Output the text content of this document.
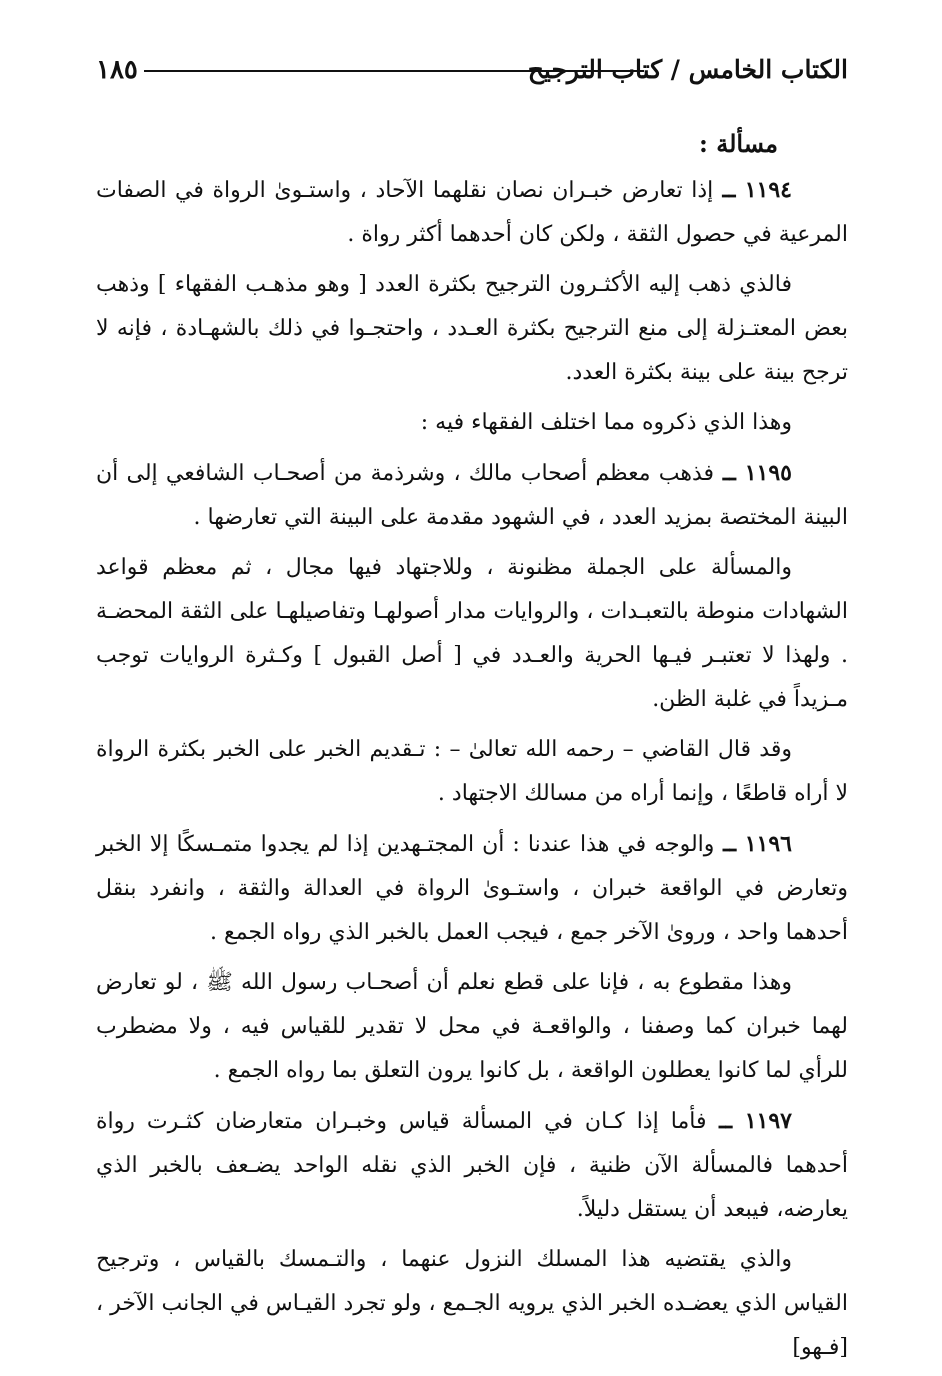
١٨٥	الكتاب الخامس / كتاب الترجيح
مسألة :

١١٩٤ ــ إذا تعارض خبـران نصان نقلهما الآحاد ، واستـوىٰ الرواة في الصفات المرعية في حصول الثقة ، ولكن كان أحدهما أكثر رواة .

فالذي ذهب إليه الأكثـرون الترجيح بكثرة العدد [ وهو مذهـب الفقهاء ] وذهب بعض المعتـزلة إلى منع الترجيح بكثرة العـدد ، واحتجـوا في ذلك بالشهـادة ، فإنه لا ترجح بينة على بينة بكثرة العدد.

وهذا الذي ذكروه مما اختلف الفقهاء فيه :

١١٩٥ ــ فذهب معظم أصحاب مالك ، وشرذمة من أصحـاب الشافعي إلى أن البينة المختصة بمزيد العدد ، في الشهود مقدمة على البينة التي تعارضها .

والمسألة على الجملة مظنونة ، وللاجتهاد فيها مجال ، ثم معظم قواعد الشهادات منوطة بالتعبـدات ، والروايات مدار أصولهـا وتفاصيلهـا على الثقة المحضـة . ولهذا لا تعتبـر فيـها الحرية والعـدد في [ أصل القبول ] وكـثرة الروايات توجب مـزيداً في غلبة الظن.

وقد قال القاضي – رحمه الله تعالىٰ – : تـقديم الخبر على الخبر بكثرة الرواة لا أراه قاطعًا ، وإنما أراه من مسالك الاجتهاد .

١١٩٦ ــ والوجه في هذا عندنا : أن المجتـهدين إذا لم يجدوا متمـسكًا إلا الخبر وتعارض في الواقعة خبران ، واستـوىٰ الرواة في العدالة والثقة ، وانفرد بنقل أحدهما واحد ، وروىٰ الآخر جمع ، فيجب العمل بالخبر الذي رواه الجمع .

وهذا مقطوع به ، فإنا على قطع نعلم أن أصحـاب رسول الله ﷺ ، لو تعارض لهما خبران كما وصفنا ، والواقعـة في محل لا تقدير للقياس فيه ، ولا مضطرب للرأي لما كانوا يعطلون الواقعة ، بل كانوا يرون التعلق بما رواه الجمع .

١١٩٧ ــ فأما إذا كـان في المسألة قياس وخبـران متعارضان كثـرت رواة أحدهما فالمسألة الآن ظنية ، فإن الخبر الذي نقله الواحد يضـعف بالخبر الذي يعارضه، فيبعد أن يستقل دليلاً.

والذي يقتضيه هذا المسلك النزول عنهما ، والتـمسك بالقياس ، وترجيح القياس الذي يعضـده الخبر الذي يرويه الجـمع ، ولو تجرد القيـاس في الجانب الآخر ، [فـهو]
